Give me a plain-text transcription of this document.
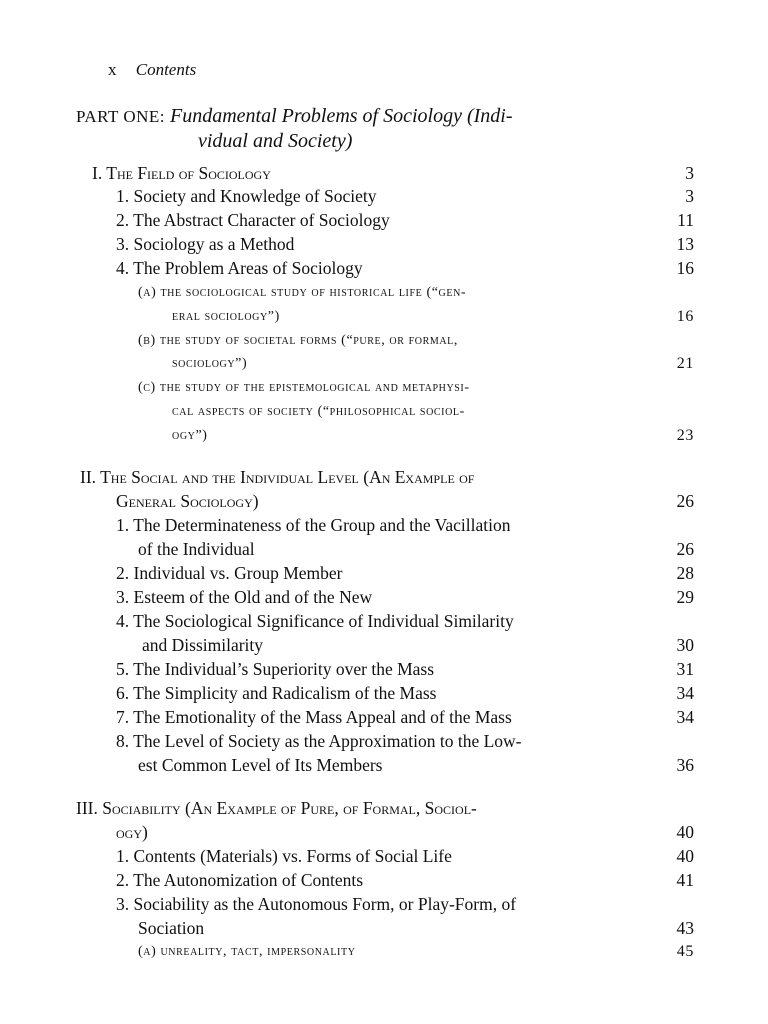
x Contents
PART ONE: Fundamental Problems of Sociology (Indi-
vidual and Society)
I. The Field of Sociology	3
1. Society and Knowledge of Society	3
2. The Abstract Character of Sociology	11
3. Sociology as a Method	13
4. The Problem Areas of Sociology	16
(a) the sociological study of historical life (“gen-
eral sociology”)	16
(b) the study of societal forms (“pure, or formal,
sociology”)	21
(c) the study of the epistemological and metaphysi-
cal aspects of society (“philosophical sociol-
ogy”)	23
II. The Social and the Individual Level (An Example of
General Sociology)	26
1. The Determinateness of the Group and the Vacillation
of the Individual	26
2. Individual vs. Group Member	28
3. Esteem of the Old and of the New	29
4. The Sociological Significance of Individual Similarity
and Dissimilarity	30
5. The Individual’s Superiority over the Mass	31
6. The Simplicity and Radicalism of the Mass	34
7. The Emotionality of the Mass Appeal and of the Mass	34
8. The Level of Society as the Approximation to the Low-
est Common Level of Its Members	36
III. Sociability (An Example of Pure, of Formal, Sociol-
ogy)	40
1. Contents (Materials) vs. Forms of Social Life	40
2. The Autonomization of Contents	41
3. Sociability as the Autonomous Form, or Play-Form, of
Sociation	43
(a) unreality, tact, impersonality	45
